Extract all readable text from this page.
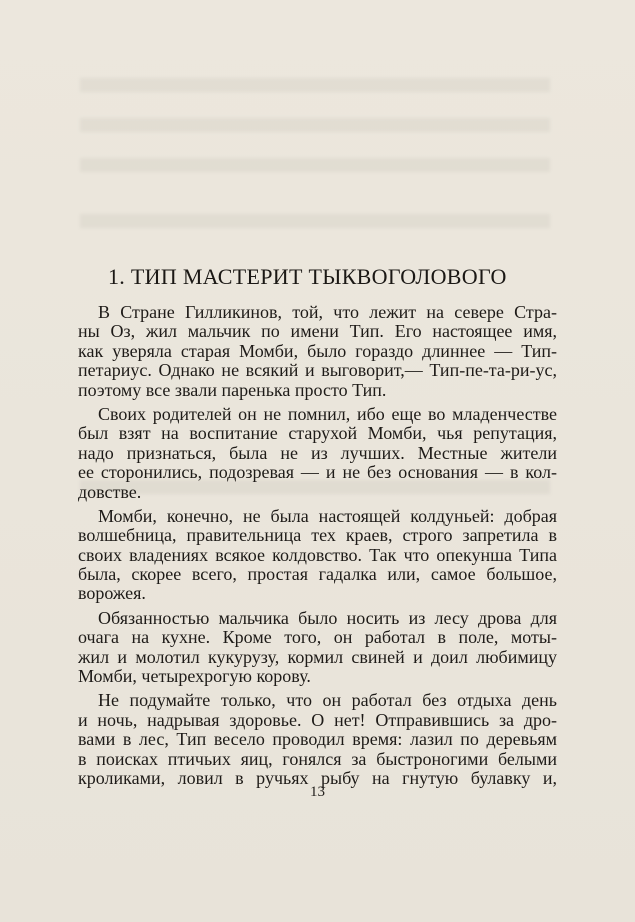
1. ТИП МАСТЕРИТ ТЫКВОГОЛОВОГО

В Стране Гилликинов, той, что лежит на севере Стра-
ны Оз, жил мальчик по имени Тип. Его настоящее имя,
как уверяла старая Момби, было гораздо длиннее — Тип-
петариус. Однако не всякий и выговорит,— Тип-пе-та-ри-ус,
поэтому все звали паренька просто Тип.

Своих родителей он не помнил, ибо еще во младенчестве
был взят на воспитание старухой Момби, чья репутация,
надо признаться, была не из лучших. Местные жители
ее сторонились, подозревая — и не без основания — в кол-
довстве.

Момби, конечно, не была настоящей колдуньей: добрая
волшебница, правительница тех краев, строго запретила в
своих владениях всякое колдовство. Так что опекунша Типа
была, скорее всего, простая гадалка или, самое большое,
ворожея.

Обязанностью мальчика было носить из лесу дрова для
очага на кухне. Кроме того, он работал в поле, моты-
жил и молотил кукурузу, кормил свиней и доил любимицу
Момби, четырехрогую корову.

Не подумайте только, что он работал без отдыха день
и ночь, надрывая здоровье. О нет! Отправившись за дро-
вами в лес, Тип весело проводил время: лазил по деревьям
в поисках птичьих яиц, гонялся за быстроногими белыми
кроликами, ловил в ручьях рыбу на гнутую булавку и,

13
